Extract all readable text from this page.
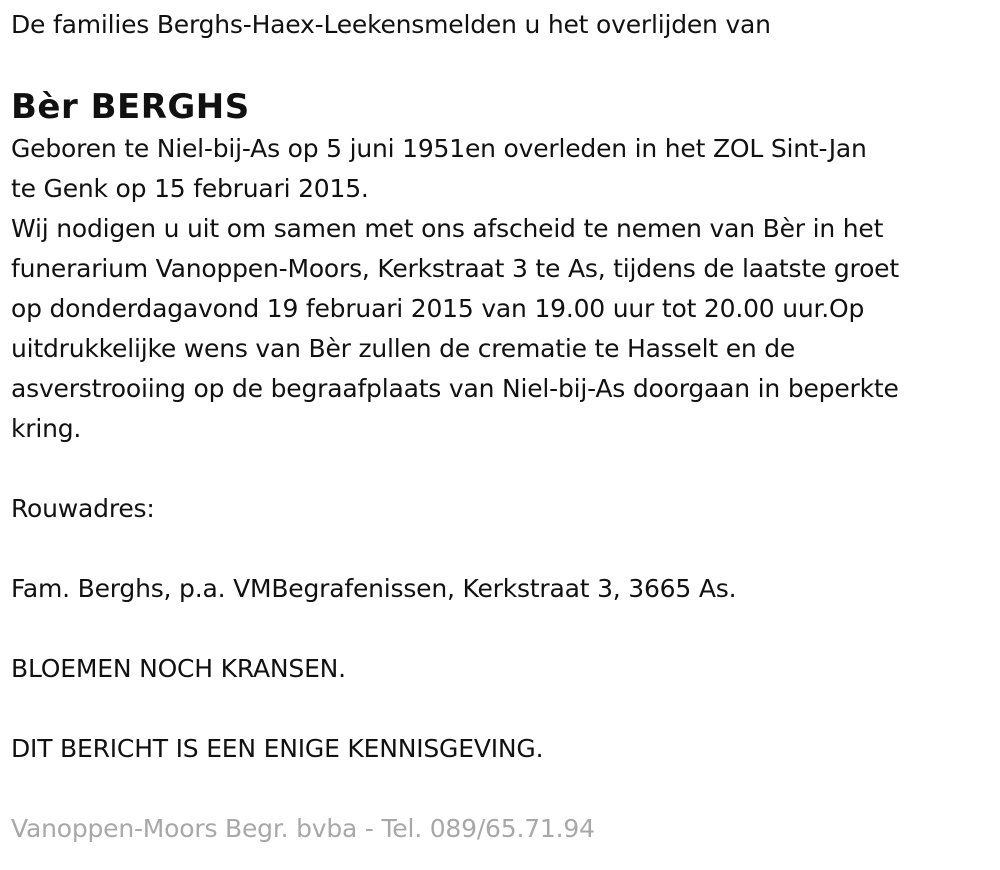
De families Berghs-Haex-Leekensmelden u het overlijden van
Bèr BERGHS
Geboren te Niel-bij-As op 5 juni 1951en overleden in het ZOL Sint-Jan
te Genk op 15 februari 2015.
Wij nodigen u uit om samen met ons afscheid te nemen van Bèr in het
funerarium Vanoppen-Moors, Kerkstraat 3 te As, tijdens de laatste groet
op donderdagavond 19 februari 2015 van 19.00 uur tot 20.00 uur.Op
uitdrukkelijke wens van Bèr zullen de crematie te Hasselt en de
asverstrooiing op de begraafplaats van Niel-bij-As doorgaan in beperkte
kring.
Rouwadres:
Fam. Berghs, p.a. VMBegrafenissen, Kerkstraat 3, 3665 As.
BLOEMEN NOCH KRANSEN.
DIT BERICHT IS EEN ENIGE KENNISGEVING.
Vanoppen-Moors Begr. bvba - Tel. 089/65.71.94
